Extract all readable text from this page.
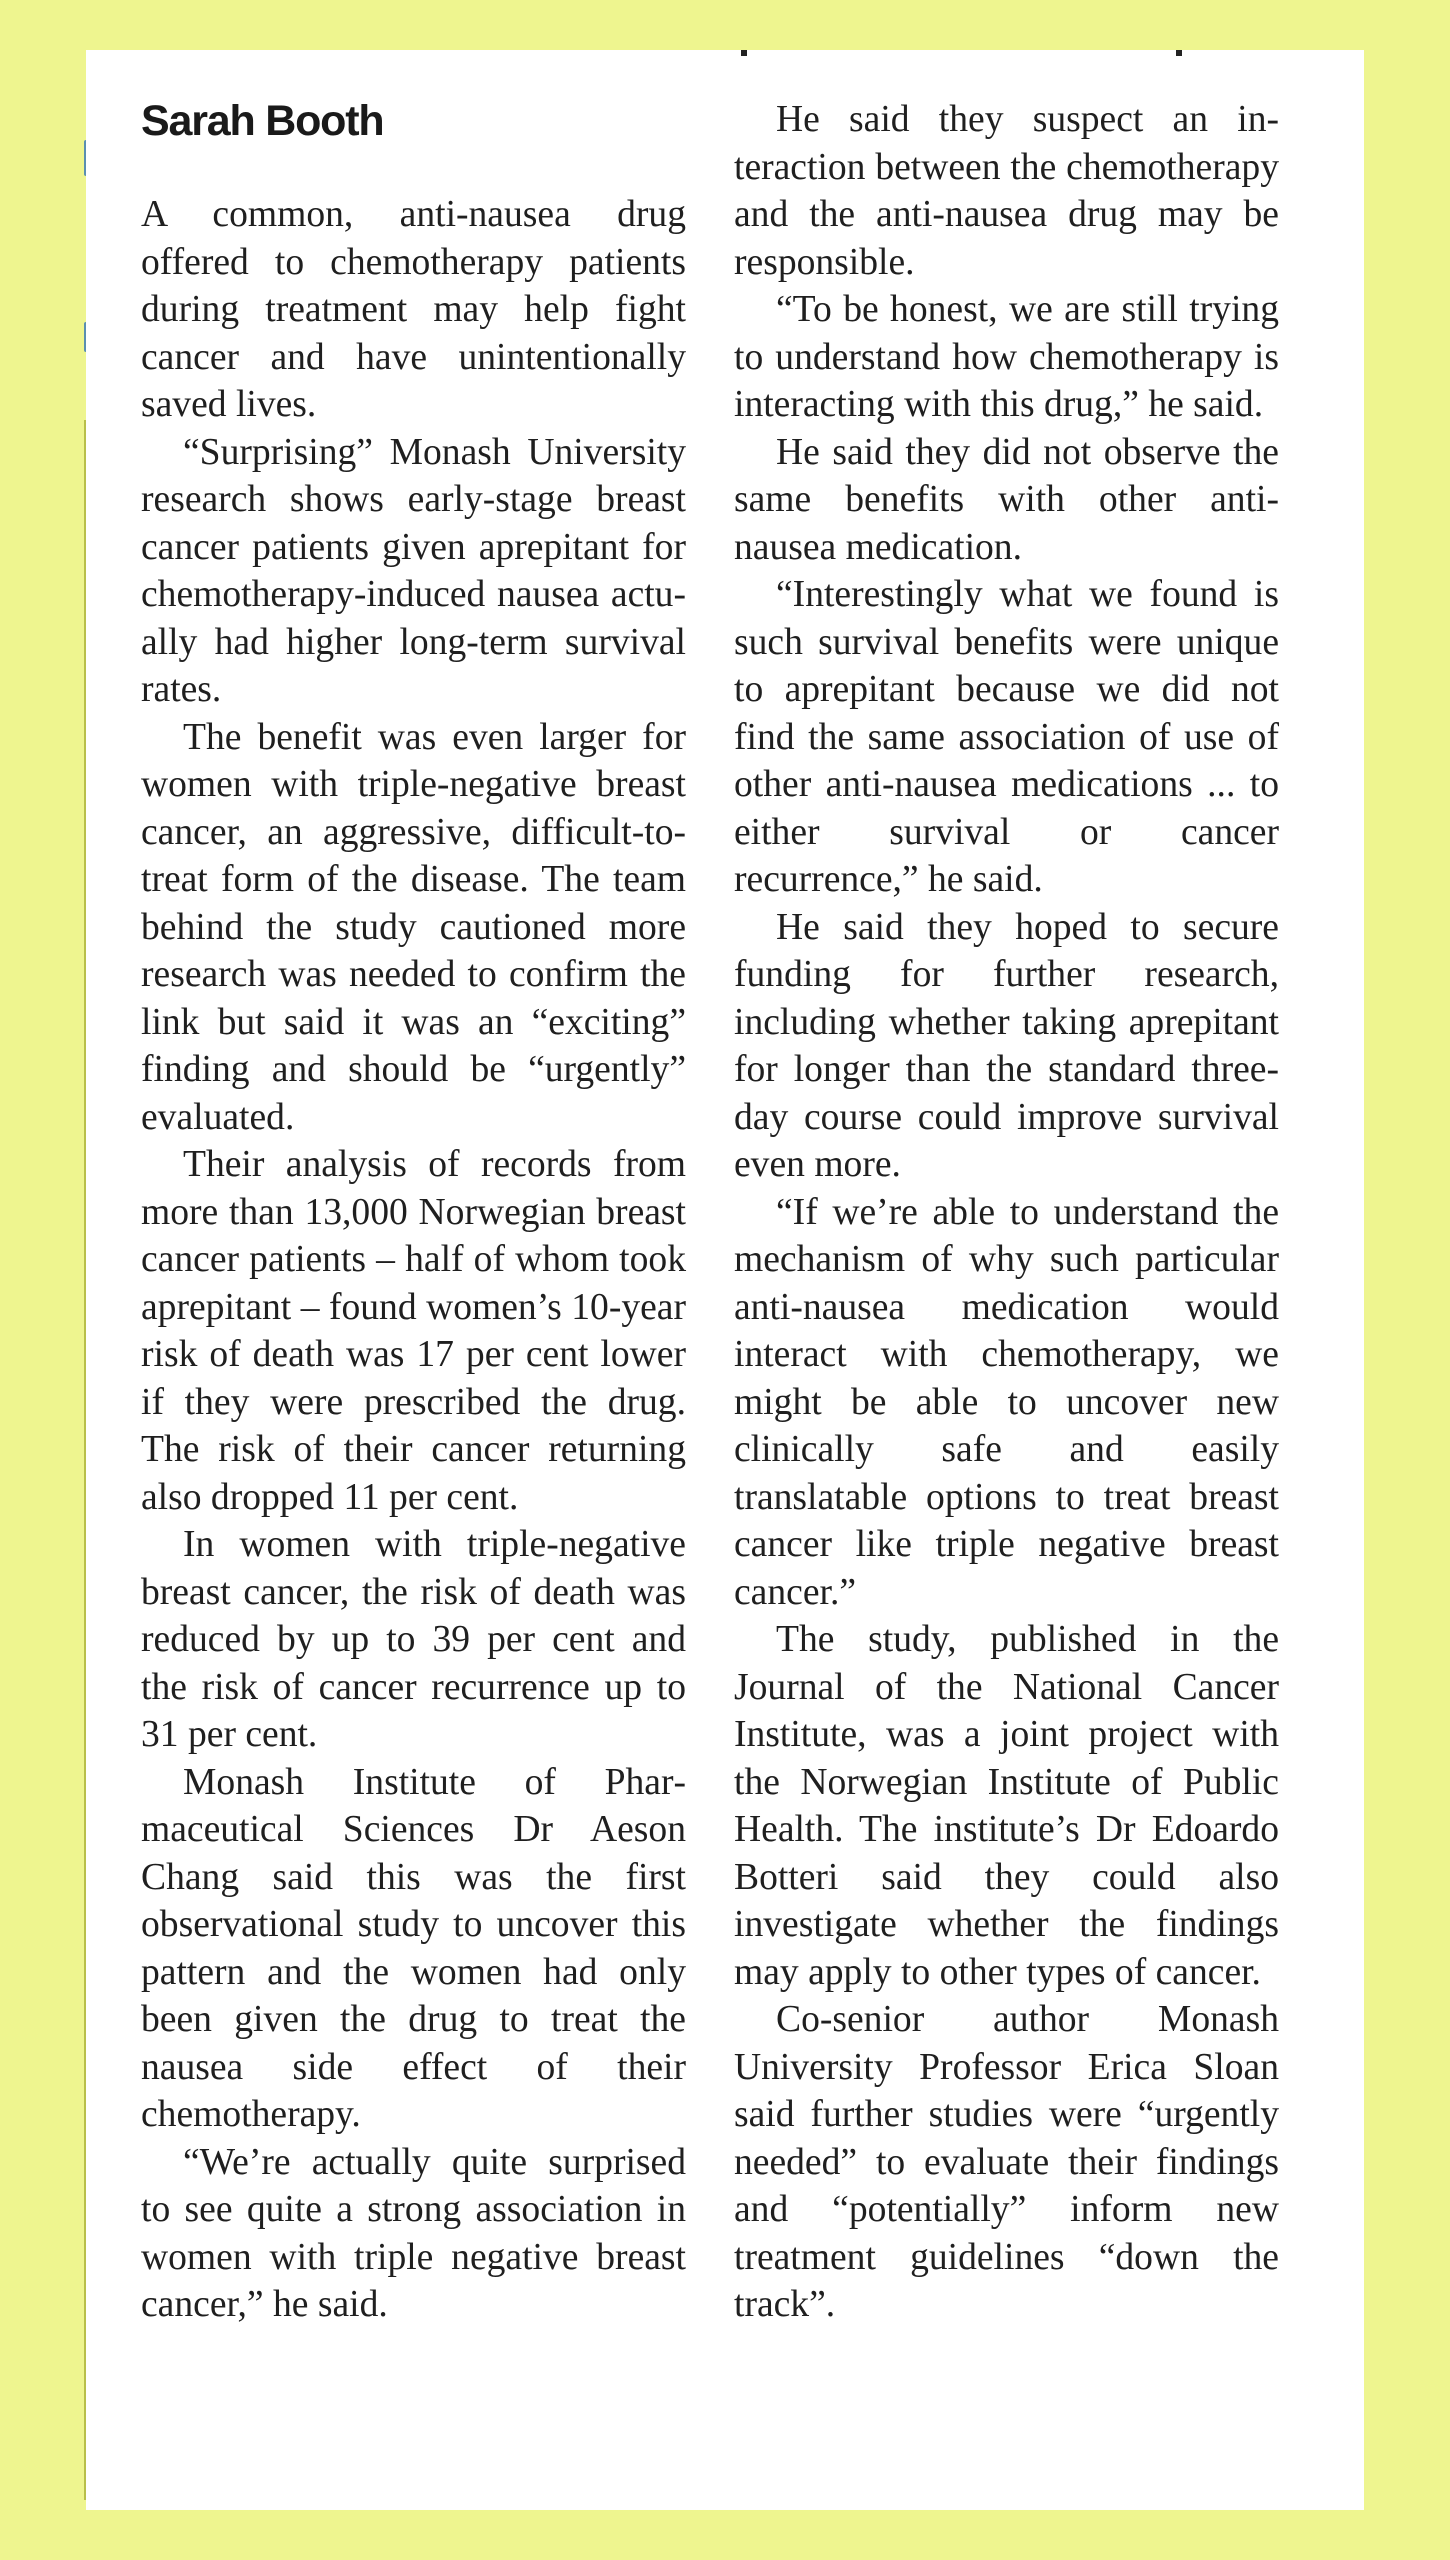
Sarah Booth

A common, anti-nausea drug offered to chemotherapy patients during treatment may help fight cancer and have unintentionally saved lives.

“Surprising” Monash University research shows early-stage breast cancer patients given aprepitant for chemotherapy-induced nausea actually had higher long-term survival rates.

The benefit was even larger for women with triple-negative breast cancer, an aggressive, difficult-to-treat form of the disease. The team behind the study cautioned more research was needed to confirm the link but said it was an “exciting” finding and should be “urgently” evaluated.

Their analysis of records from more than 13,000 Norwegian breast cancer patients – half of whom took aprepitant – found women’s 10-year risk of death was 17 per cent lower if they were prescribed the drug. The risk of their cancer returning also dropped 11 per cent.

In women with triple-negative breast cancer, the risk of death was reduced by up to 39 per cent and the risk of cancer recurrence up to 31 per cent.

Monash Institute of Pharmaceutical Sciences Dr Aeson Chang said this was the first observational study to uncover this pattern and the women had only been given the drug to treat the nausea side effect of their chemotherapy.

“We’re actually quite surprised to see quite a strong association in women with triple negative breast cancer,” he said.

He said they suspect an interaction between the chemotherapy and the anti-nausea drug may be responsible.

“To be honest, we are still trying to understand how chemotherapy is interacting with this drug,” he said.

He said they did not observe the same benefits with other anti-nausea medication.

“Interestingly what we found is such survival benefits were unique to aprepitant because we did not find the same association of use of other anti-nausea medications ... to either survival or cancer recurrence,” he said.

He said they hoped to secure funding for further research, including whether taking aprepitant for longer than the standard three-day course could improve survival even more.

“If we’re able to understand the mechanism of why such particular anti-nausea medication would interact with chemotherapy, we might be able to uncover new clinically safe and easily translatable options to treat breast cancer like triple negative breast cancer.”

The study, published in the Journal of the National Cancer Institute, was a joint project with the Norwegian Institute of Public Health. The institute’s Dr Edoardo Botteri said they could also investigate whether the findings may apply to other types of cancer.

Co-senior author Monash University Professor Erica Sloan said further studies were “urgently needed” to evaluate their findings and “potentially” inform new treatment guidelines “down the track”.
